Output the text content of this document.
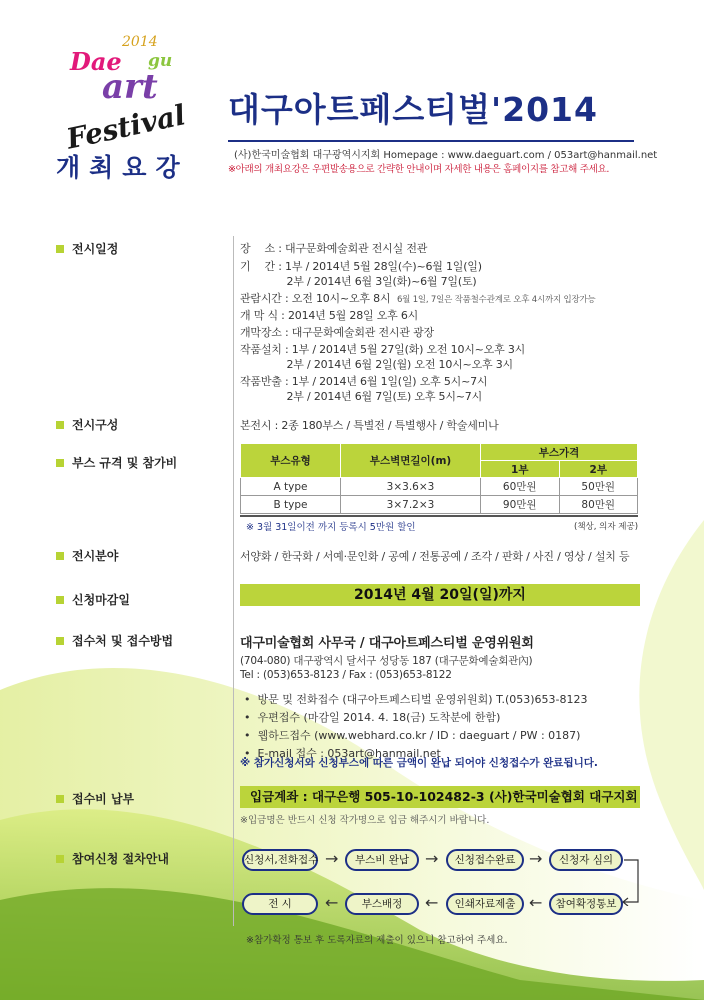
2014
Dae gu
art
Festival
개최요강
대구아트페스티벌'2014
(사)한국미술협회 대구광역시지회 Homepage : www.daeguart.com / 053art@hanmail.net
※아래의 개최요강은 우편발송용으로 간략한 안내이며 자세한 내용은 홈페이지를 참고해 주세요.
전시일정
전시구성
부스 규격 및 참가비
전시분야
신청마감일
접수처 및 접수방법
접수비 납부
참여신청 절차안내
장　 소 : 대구문화예술회관 전시실 전관
기　 간 : 1부 / 2014년 5월 28일(수)~6월 1일(일)
　　　　 2부 / 2014년 6월 3일(화)~6월 7일(토)
관람시간 : 오전 10시~오후 8시 6월 1일, 7일은 작품철수관계로 오후 4시까지 입장가능
개 막 식 : 2014년 5월 28일 오후 6시
개막장소 : 대구문화예술회관 전시관 광장
작품설치 : 1부 / 2014년 5월 27일(화) 오전 10시~오후 3시
　　　　 2부 / 2014년 6월 2일(월) 오전 10시~오후 3시
작품반출 : 1부 / 2014년 6월 1일(일) 오후 5시~7시
　　　　 2부 / 2014년 6월 7일(토) 오후 5시~7시
본전시 : 2종 180부스 / 특별전 / 특별행사 / 학술세미나
부스유형	부스벽면길이(m)	부스가격	
		1부	2부
A type	3×3.6×3	60만원	50만원
B type	3×7.2×3	90만원	80만원
※ 3월 31일이전 까지 등록시 5만원 할인	(책상, 의자 제공)
서양화 / 한국화 / 서예·문인화 / 공예 / 전통공예 / 조각 / 판화 / 사진 / 영상 / 설치 등
2014년 4월 20일(일)까지
대구미술협회 사무국 / 대구아트페스티벌 운영위원회
(704-080) 대구광역시 달서구 성당동 187 (대구문화예술회관內)
Tel : (053)653-8123 / Fax : (053)653-8122
•  방문 및 전화접수 (대구아트페스티벌 운영위원회) T.(053)653-8123
•  우편접수 (마감일 2014. 4. 18(금) 도착분에 한함)
•  웹하드접수 (www.webhard.co.kr / ID : daeguart / PW : 0187)
•  E-mail 접수 : 053art@hanmail.net
※ 참가신청서와 신청부스에 따른 금액이 완납 되어야 신청접수가 완료됩니다.
입금계좌 : 대구은행 505-10-102482-3 (사)한국미술협회 대구지회
※입금명은 반드시 신청 작가명으로 입금 해주시기 바랍니다.
신청서,전화접수 →	부스비 완납 →	신청접수완료 →	신청자 심의
참여확정통보
←
인쇄자료제출
←
부스배정
←
전 시
※참가확정 통보 후 도록자료의 제출이 있으니 참고하여 주세요.
